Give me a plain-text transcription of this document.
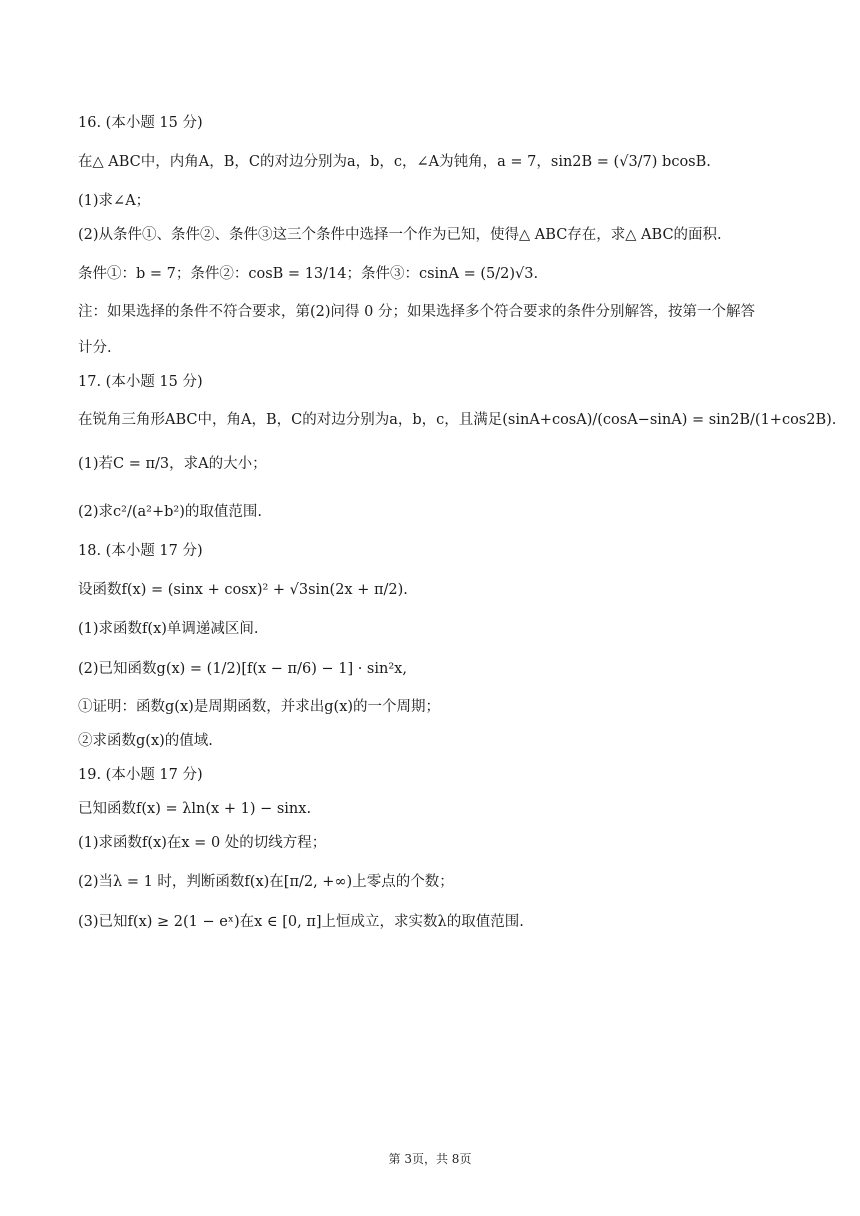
16. (本小题 15 分)
在△ ABC中，内角A，B，C的对边分别为a，b，c，∠A为钝角，a = 7，sin2B = (√3/7) bcosB.
(1)求∠A；
(2)从条件①、条件②、条件③这三个条件中选择一个作为已知，使得△ ABC存在，求△ ABC的面积.
条件①：b = 7；条件②：cosB = 13/14；条件③：csinA = (5/2)√3.
注：如果选择的条件不符合要求，第(2)问得 0 分；如果选择多个符合要求的条件分别解答，按第一个解答
计分.
17. (本小题 15 分)
在锐角三角形ABC中，角A，B，C的对边分别为a，b，c，且满足(sinA+cosA)/(cosA−sinA) = sin2B/(1+cos2B).
(1)若C = π/3，求A的大小；
(2)求c²/(a²+b²)的取值范围.
18. (本小题 17 分)
设函数f(x) = (sinx + cosx)² + √3sin(2x + π/2).
(1)求函数f(x)单调递减区间.
(2)已知函数g(x) = (1/2)[f(x − π/6) − 1] · sin²x,
①证明：函数g(x)是周期函数，并求出g(x)的一个周期；
②求函数g(x)的值域.
19. (本小题 17 分)
已知函数f(x) = λln(x + 1) − sinx.
(1)求函数f(x)在x = 0 处的切线方程；
(2)当λ = 1 时，判断函数f(x)在[π/2, +∞)上零点的个数；
(3)已知f(x) ≥ 2(1 − eˣ)在x ∈ [0, π]上恒成立，求实数λ的取值范围.
第 3页，共 8页
